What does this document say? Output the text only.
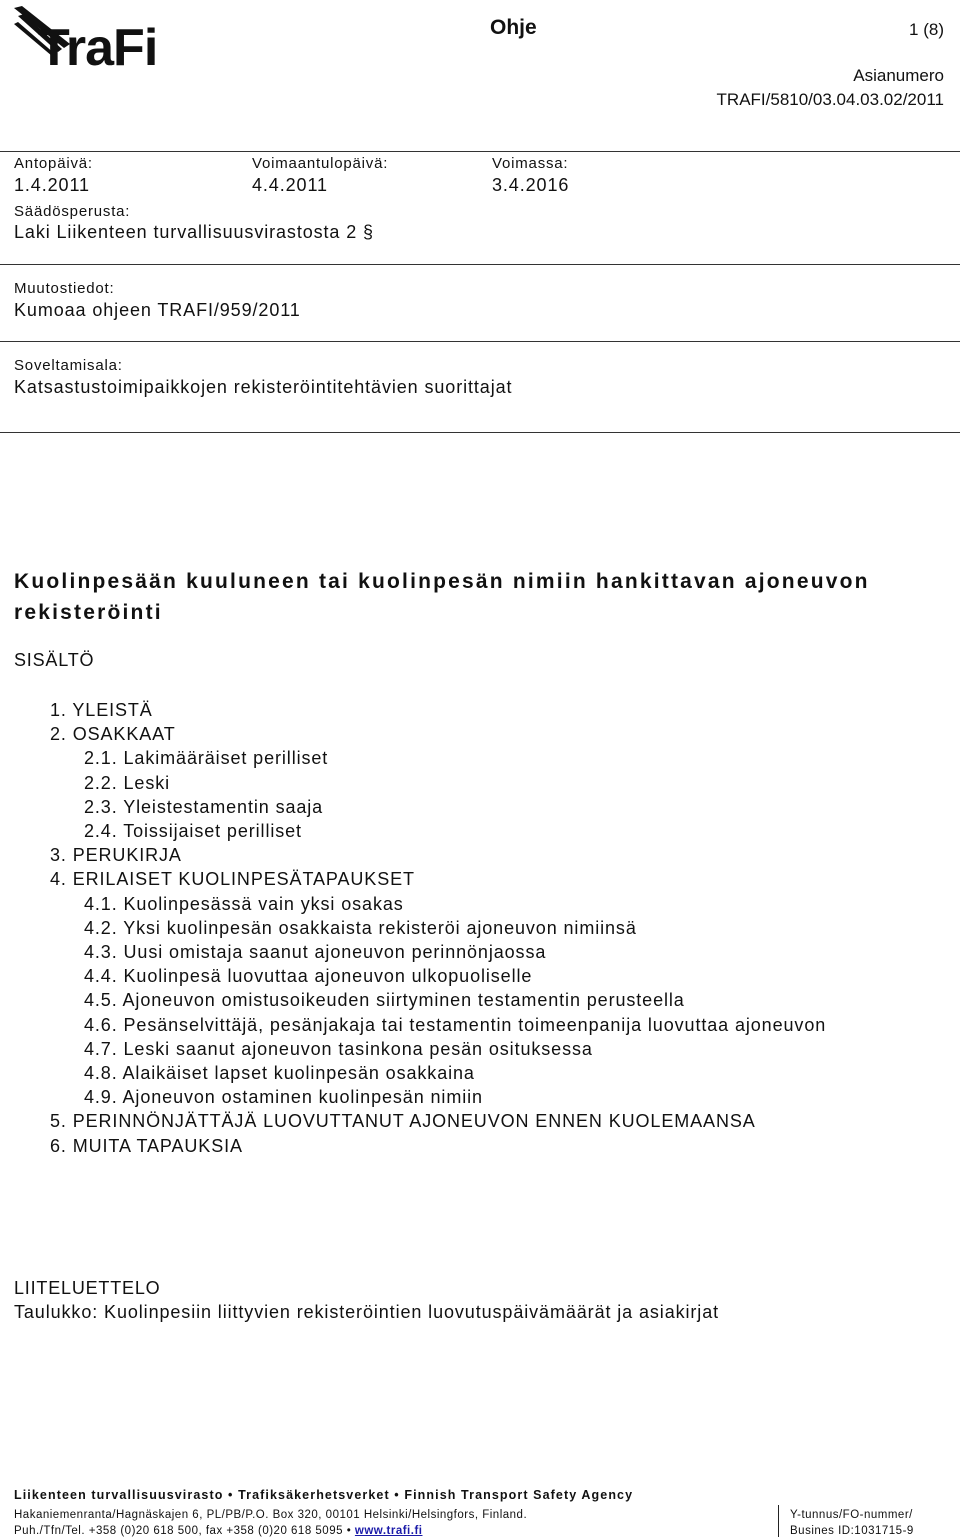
TraFi	Ohje	1 (8)
Asianumero
TRAFI/5810/03.04.03.02/2011
Antopäivä:
1.4.2011
Voimaantulopäivä:
4.4.2011
Voimassa:
3.4.2016
Säädösperusta:
Laki Liikenteen turvallisuusvirastosta 2 §
Muutostiedot:
Kumoaa ohjeen TRAFI/959/2011
Soveltamisala:
Katsastustoimipaikkojen rekisteröintitehtävien suorittajat
Kuolinpesään kuuluneen tai kuolinpesän nimiin hankittavan ajoneuvon rekisteröinti
SISÄLTÖ
1. YLEISTÄ
2. OSAKKAAT
2.1. Lakimääräiset perilliset
2.2. Leski
2.3. Yleistestamentin saaja
2.4. Toissijaiset perilliset
3. PERUKIRJA
4. ERILAISET KUOLINPESÄTAPAUKSET
4.1. Kuolinpesässä vain yksi osakas
4.2. Yksi kuolinpesän osakkaista rekisteröi ajoneuvon nimiinsä
4.3. Uusi omistaja saanut ajoneuvon perinnönjaossa
4.4. Kuolinpesä luovuttaa ajoneuvon ulkopuoliselle
4.5. Ajoneuvon omistusoikeuden siirtyminen testamentin perusteella
4.6. Pesänselvittäjä, pesänjakaja tai testamentin toimeenpanija luovuttaa ajoneuvon
4.7. Leski saanut ajoneuvon tasinkona pesän osituksessa
4.8. Alaikäiset lapset kuolinpesän osakkaina
4.9. Ajoneuvon ostaminen kuolinpesän nimiin
5. PERINNÖNJÄTTÄJÄ LUOVUTTANUT AJONEUVON ENNEN KUOLEMAANSA
6. MUITA TAPAUKSIA
LIITELUETTELO
Taulukko: Kuolinpesiin liittyvien rekisteröintien luovutuspäivämäärät ja asiakirjat
Liikenteen turvallisuusvirasto • Trafiksäkerhetsverket • Finnish Transport Safety Agency
Hakaniemenranta/Hagnäskajen 6, PL/PB/P.O. Box 320, 00101 Helsinki/Helsingfors, Finland.
Puh./Tfn/Tel. +358 (0)20 618 500, fax +358 (0)20 618 5095 • www.trafi.fi
Y-tunnus/FO-nummer/
Busines ID:1031715-9
